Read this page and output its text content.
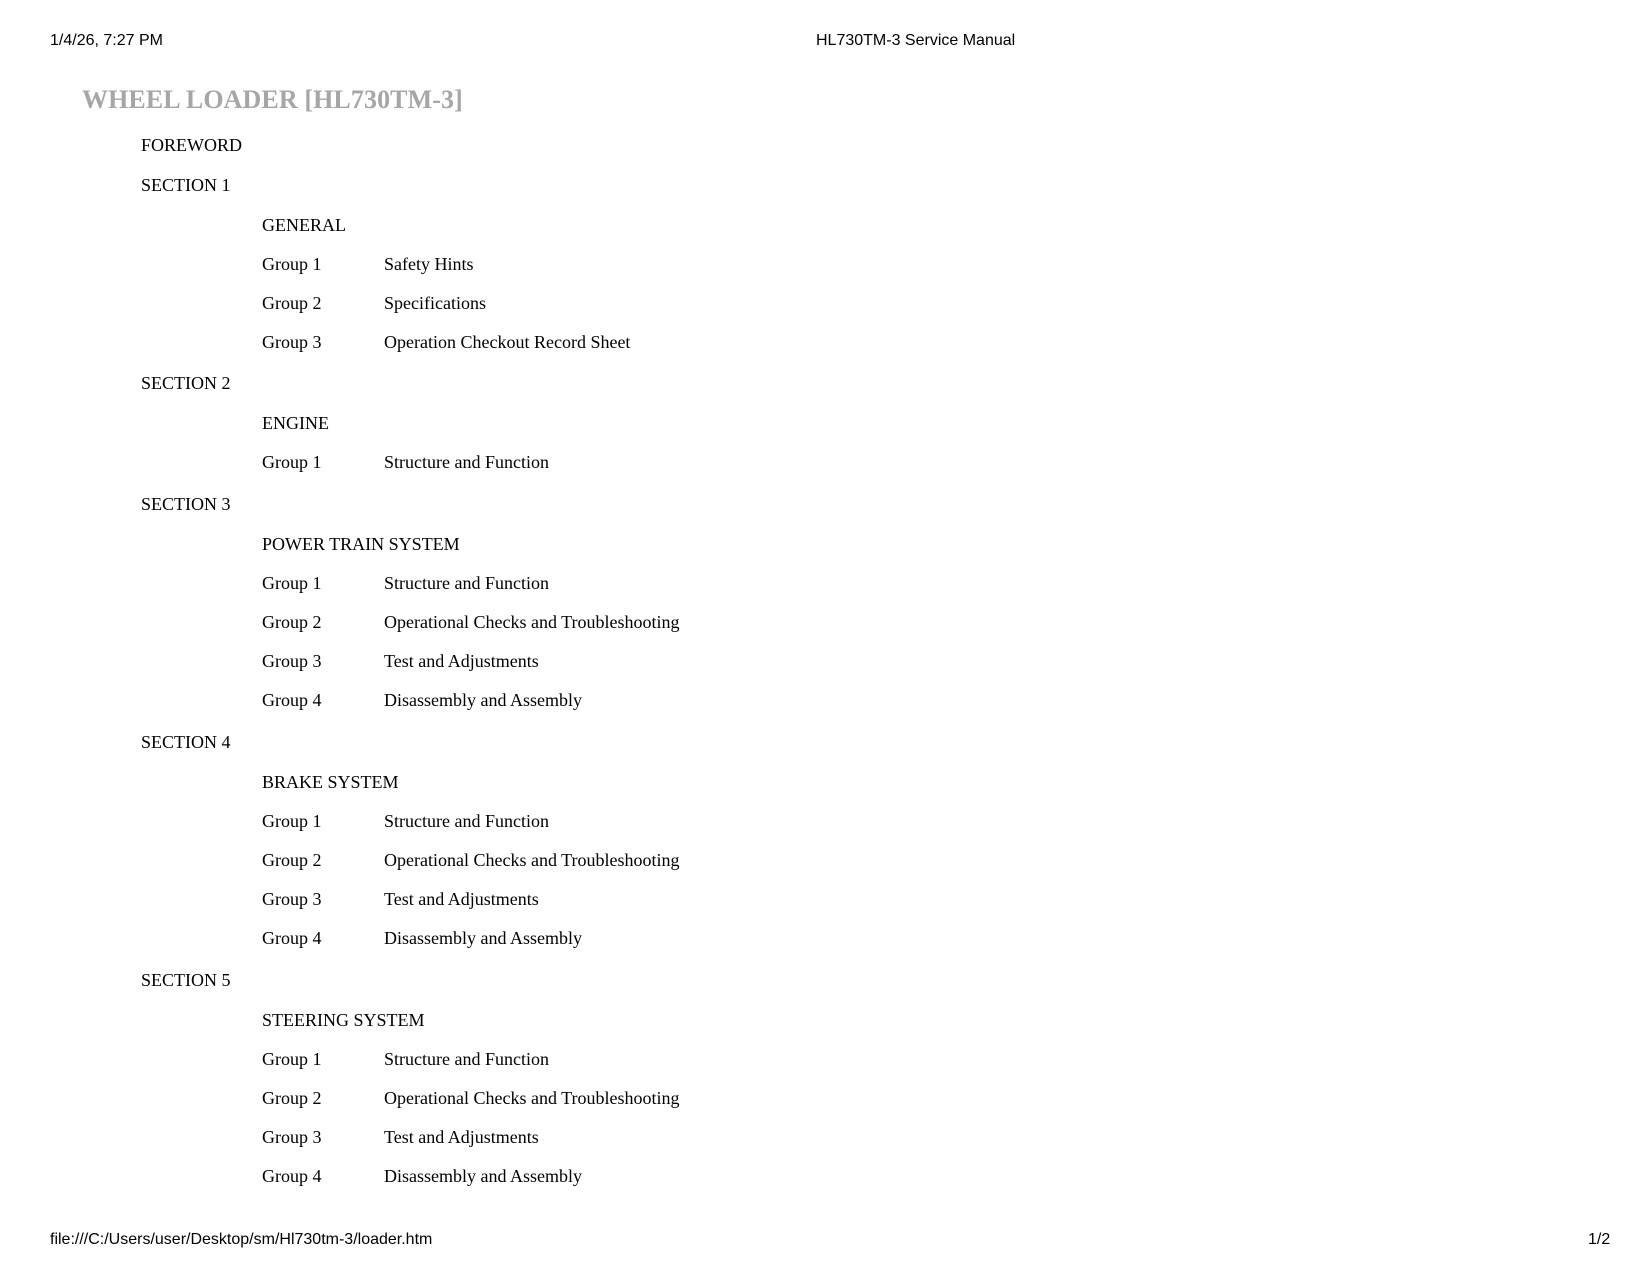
1/4/26, 7:27 PM	HL730TM-3 Service Manual
WHEEL LOADER [HL730TM-3]
FOREWORD
SECTION 1
GENERAL
Group 1	Safety Hints
Group 2	Specifications
Group 3	Operation Checkout Record Sheet
SECTION 2
ENGINE
Group 1	Structure and Function
SECTION 3
POWER TRAIN SYSTEM
Group 1	Structure and Function
Group 2	Operational Checks and Troubleshooting
Group 3	Test and Adjustments
Group 4	Disassembly and Assembly
SECTION 4
BRAKE SYSTEM
Group 1	Structure and Function
Group 2	Operational Checks and Troubleshooting
Group 3	Test and Adjustments
Group 4	Disassembly and Assembly
SECTION 5
STEERING SYSTEM
Group 1	Structure and Function
Group 2	Operational Checks and Troubleshooting
Group 3	Test and Adjustments
Group 4	Disassembly and Assembly
file:///C:/Users/user/Desktop/sm/Hl730tm-3/loader.htm	1/2
